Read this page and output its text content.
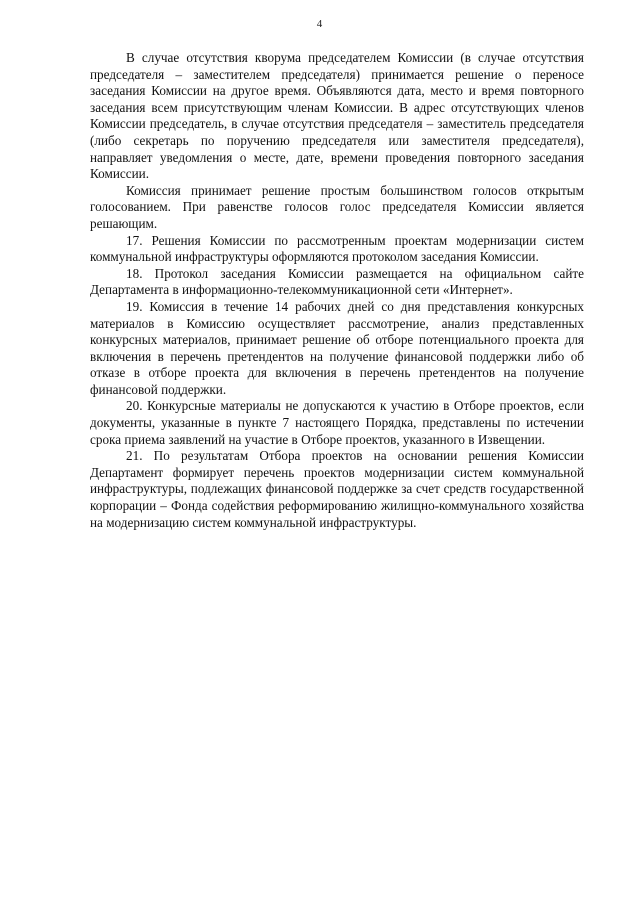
4

В случае отсутствия кворума председателем Комиссии (в случае отсутствия председателя – заместителем председателя) принимается решение о переносе заседания Комиссии на другое время. Объявляются дата, место и время повторного заседания всем присутствующим членам Комиссии. В адрес отсутствующих членов Комиссии председатель, в случае отсутствия председателя – заместитель председателя (либо секретарь по поручению председателя или заместителя председателя), направляет уведомления о месте, дате, времени проведения повторного заседания Комиссии.

Комиссия принимает решение простым большинством голосов открытым голосованием. При равенстве голосов голос председателя Комиссии является решающим.

17. Решения Комиссии по рассмотренным проектам модернизации систем коммунальной инфраструктуры оформляются протоколом заседания Комиссии.

18. Протокол заседания Комиссии размещается на официальном сайте Департамента в информационно-телекоммуникационной сети «Интернет».

19. Комиссия в течение 14 рабочих дней со дня представления конкурсных материалов в Комиссию осуществляет рассмотрение, анализ представленных конкурсных материалов, принимает решение об отборе потенциального проекта для включения в перечень претендентов на получение финансовой поддержки либо об отказе в отборе проекта для включения в перечень претендентов на получение финансовой поддержки.

20. Конкурсные материалы не допускаются к участию в Отборе проектов, если документы, указанные в пункте 7 настоящего Порядка, представлены по истечении срока приема заявлений на участие в Отборе проектов, указанного в Извещении.

21. По результатам Отбора проектов на основании решения Комиссии Департамент формирует перечень проектов модернизации систем коммунальной инфраструктуры, подлежащих финансовой поддержке за счет средств государственной корпорации – Фонда содействия реформированию жилищно-коммунального хозяйства на модернизацию систем коммунальной инфраструктуры.
